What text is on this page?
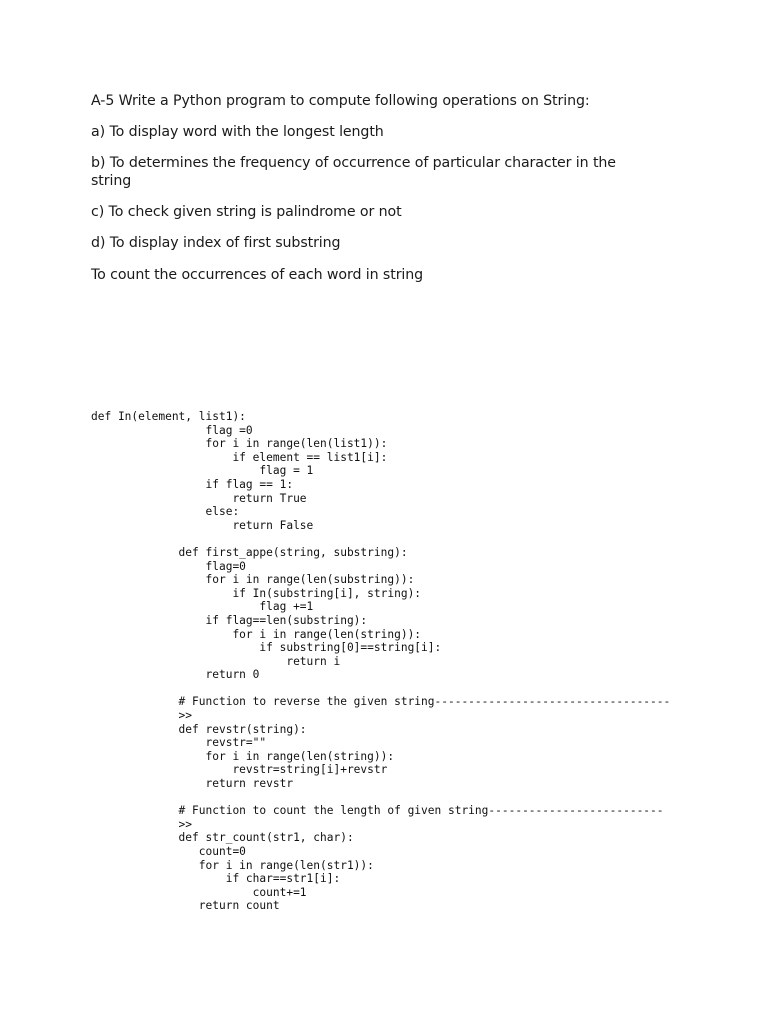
A-5 Write a Python program to compute following operations on String:
a) To display word with the longest length
b) To determines the frequency of occurrence of particular character in the string
c) To check given string is palindrome or not
d) To display index of first substring
To count the occurrences of each word in string
def In(element, list1):
flag =0
for i in range(len(list1)):
if element == list1[i]:
flag = 1
if flag == 1:
return True
else:
return False
def first_appe(string, substring):
flag=0
for i in range(len(substring)):
if In(substring[i], string):
flag +=1
if flag==len(substring):
for i in range(len(string)):
if substring[0]==string[i]:
return i
return 0
# Function to reverse the given string-----------------------------------
>>
def revstr(string):
revstr=""
for i in range(len(string)):
revstr=string[i]+revstr
return revstr
# Function to count the length of given string--------------------------
>>
def str_count(str1, char):
count=0
for i in range(len(str1)):
if char==str1[i]:
count+=1
return count
